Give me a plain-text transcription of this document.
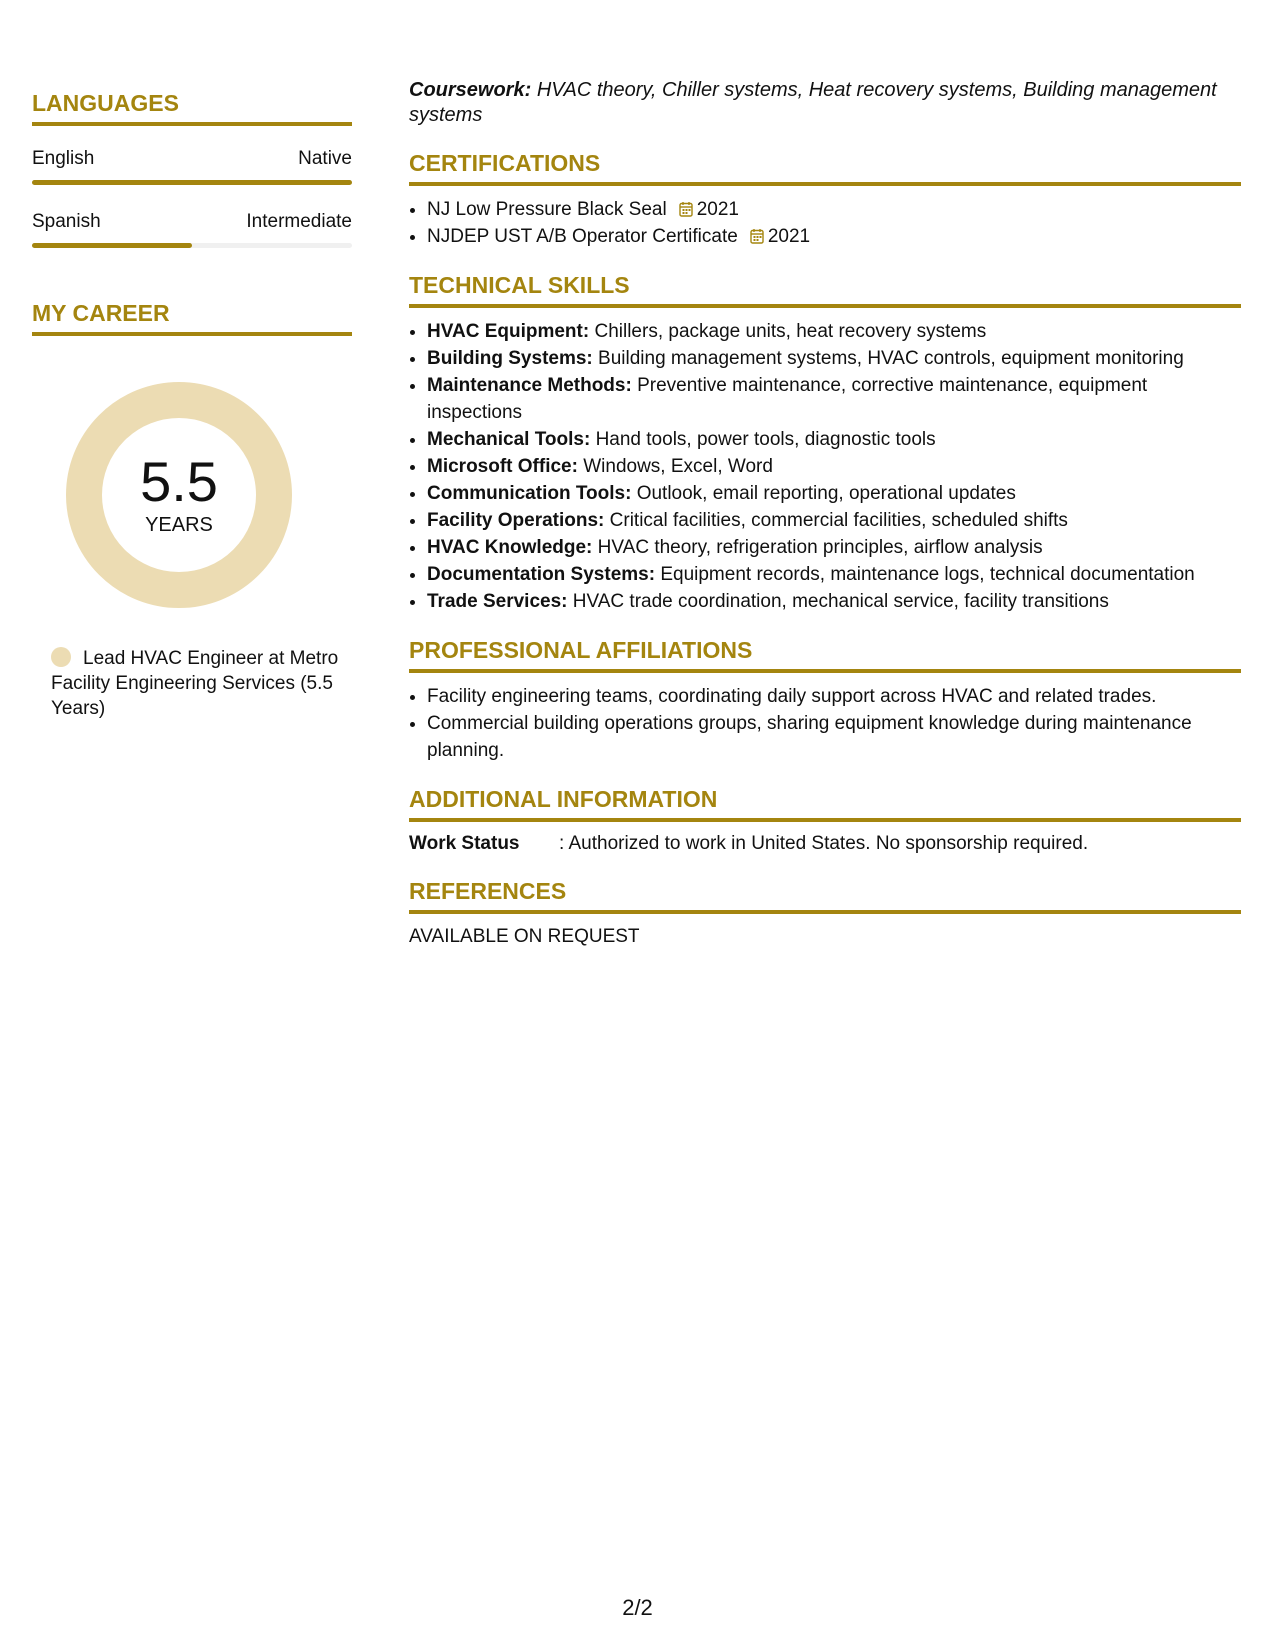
LANGUAGES
English	Native
Spanish	Intermediate
MY CAREER
5.5
YEARS
Lead HVAC Engineer at Metro Facility Engineering Services (5.5 Years)

Coursework: HVAC theory, Chiller systems, Heat recovery systems, Building management systems

CERTIFICATIONS
• NJ Low Pressure Black Seal 2021
• NJDEP UST A/B Operator Certificate 2021
TECHNICAL SKILLS
• HVAC Equipment: Chillers, package units, heat recovery systems
• Building Systems: Building management systems, HVAC controls, equipment monitoring
• Maintenance Methods: Preventive maintenance, corrective maintenance, equipment inspections
• Mechanical Tools: Hand tools, power tools, diagnostic tools
• Microsoft Office: Windows, Excel, Word
• Communication Tools: Outlook, email reporting, operational updates
• Facility Operations: Critical facilities, commercial facilities, scheduled shifts
• HVAC Knowledge: HVAC theory, refrigeration principles, airflow analysis
• Documentation Systems: Equipment records, maintenance logs, technical documentation
• Trade Services: HVAC trade coordination, mechanical service, facility transitions
PROFESSIONAL AFFILIATIONS
• Facility engineering teams, coordinating daily support across HVAC and related trades.
• Commercial building operations groups, sharing equipment knowledge during maintenance planning.
ADDITIONAL INFORMATION
Work Status	: Authorized to work in United States. No sponsorship required.
REFERENCES
AVAILABLE ON REQUEST
2/2
